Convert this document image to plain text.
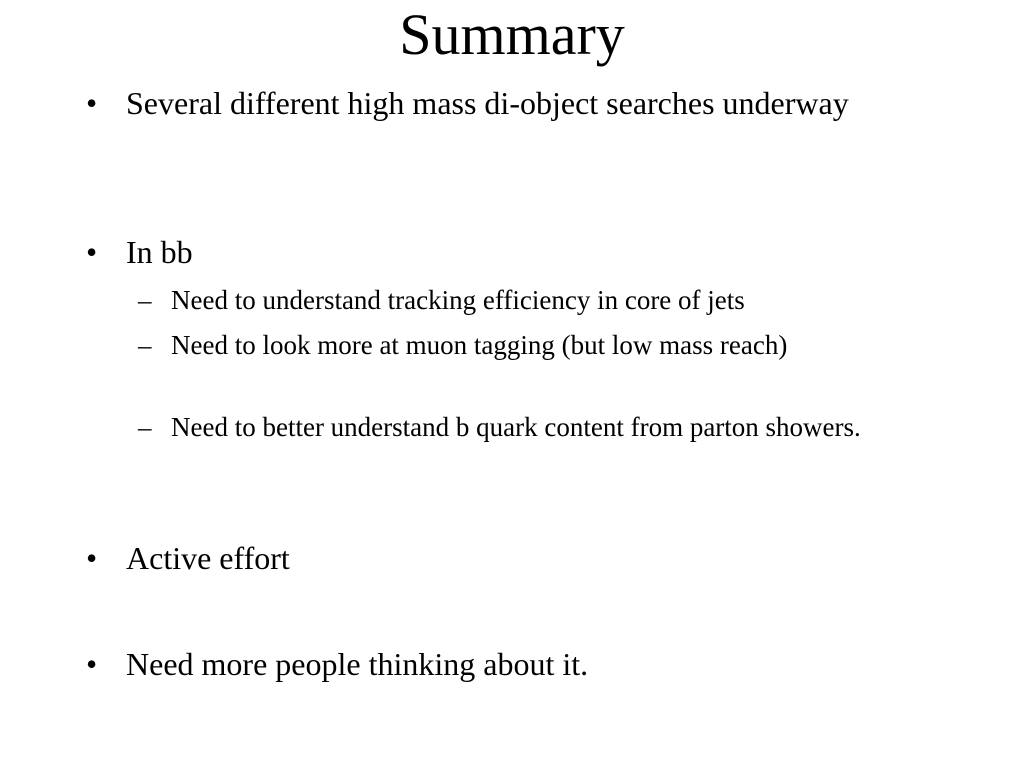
Summary
• Several different high mass di-object searches underway
• In bb
– Need to understand tracking efficiency in core of jets
– Need to look more at muon tagging (but low mass reach)
– Need to better understand b quark content from parton showers.
• Active effort
• Need more people thinking about it.
